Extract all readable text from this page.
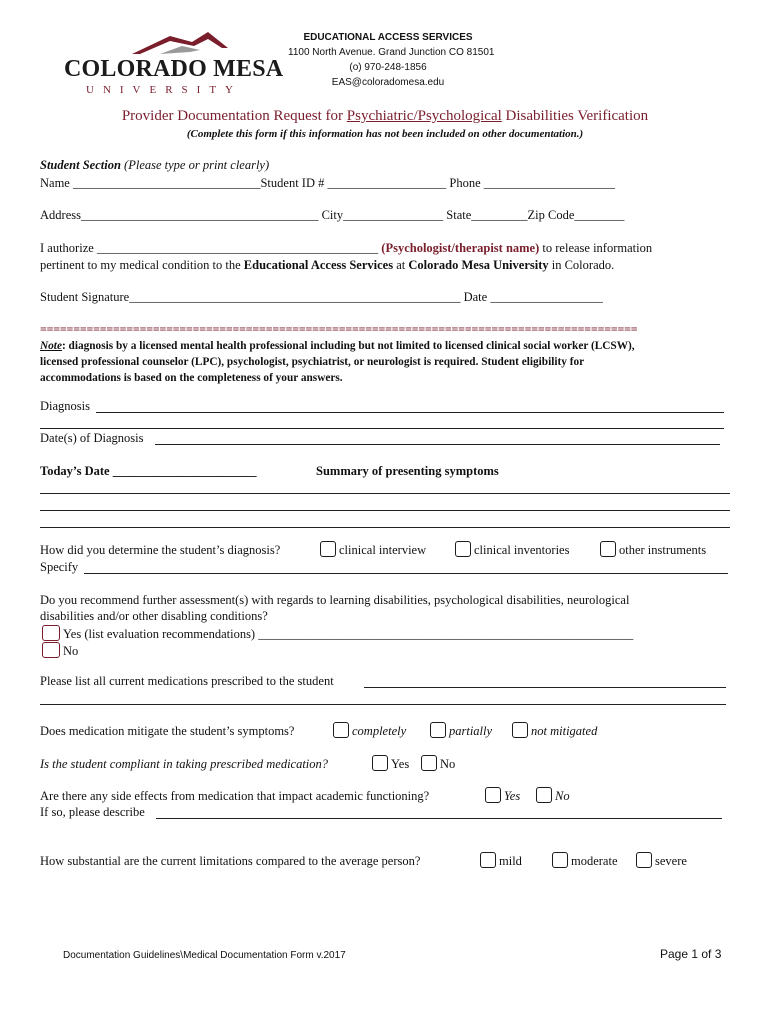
COLORADO MESA
UNIVERSITY
EDUCATIONAL ACCESS SERVICES
1100 North Avenue. Grand Junction CO 81501
(o) 970-248-1856
EAS@coloradomesa.edu
Provider Documentation Request for Psychiatric/Psychological Disabilities Verification
(Complete this form if this information has not been included on other documentation.)
Student Section (Please type or print clearly)
Name ______________________________Student ID # ___________________ Phone _____________________
Address______________________________________ City________________ State_________Zip Code________
I authorize _____________________________________________ (Psychologist/therapist name) to release information
pertinent to my medical condition to the Educational Access Services at Colorado Mesa University in Colorado.
Student Signature_____________________________________________________ Date __________________
==========================================================================================
Note: diagnosis by a licensed mental health professional including but not limited to licensed clinical social worker (LCSW),
licensed professional counselor (LPC), psychologist, psychiatrist, or neurologist is required. Student eligibility for
accommodations is based on the completeness of your answers.
Diagnosis
Date(s) of Diagnosis
Today’s Date _______________________	Summary of presenting symptoms
How did you determine the student’s diagnosis?	clinical interview	clinical inventories	other instruments
Specify
Do you recommend further assessment(s) with regards to learning disabilities, psychological disabilities, neurological
disabilities and/or other disabling conditions?
Yes (list evaluation recommendations) ____________________________________________________________
No
Please list all current medications prescribed to the student
Does medication mitigate the student’s symptoms?	completely	partially	not mitigated
Is the student compliant in taking prescribed medication?	Yes	No
Are there any side effects from medication that impact academic functioning?	Yes	No
If so, please describe
How substantial are the current limitations compared to the average person?	mild	moderate	severe
Documentation Guidelines\Medical Documentation Form v.2017	Page 1 of 3
